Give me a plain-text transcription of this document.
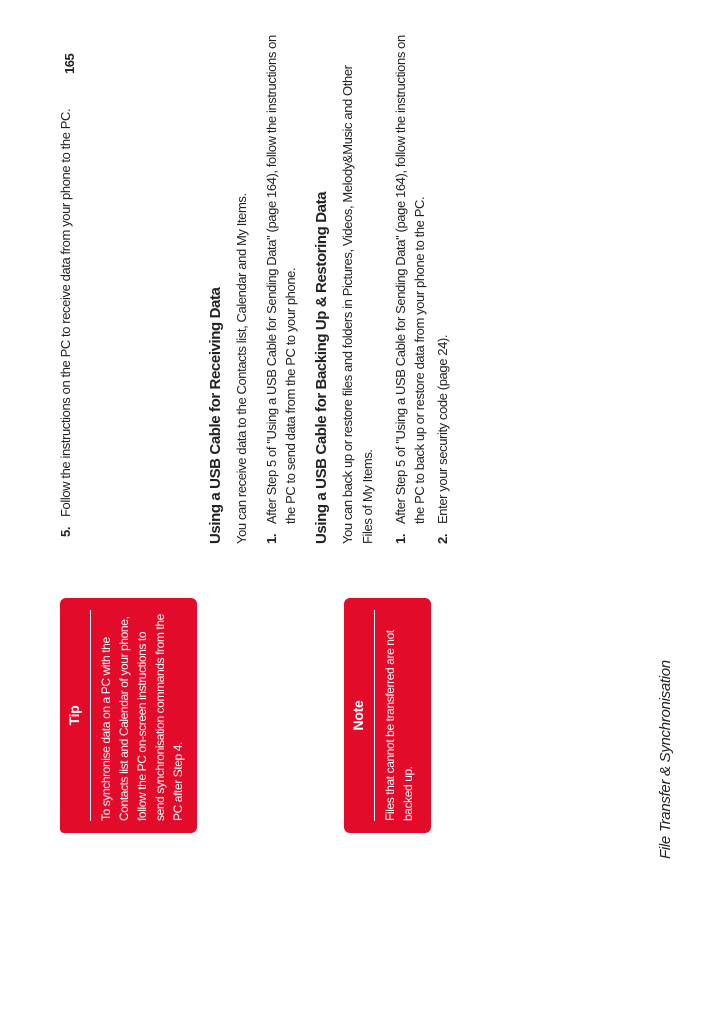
165
File Transfer & Synchronisation
5.Follow the instructions on the PC to receive data from your phone to the PC.	Using a USB Cable for Receiving Data You can receive data to the Contacts list, Calendar and My Items. 1.
After Step 5 of "Using a USB Cable for Sending Data" (page 164), follow the instructions on the PC to send data from the PC to your phone. Using a USB Cable for Backing Up & Restoring Data You can back up or restore files and folders in Pictures, Videos, Melody&Music and Other Files of My Items. 1.
After Step 5 of "Using a USB Cable for Sending Data" (page 164), follow the instructions on the PC to back up or restore data from your phone to the PC.
2.
Enter your security code (page 24).
Tip To synchronise data on a PC with the Contacts list and Calendar of your phone, follow the PC on-screen instructions to send synchronisation commands from the PC after Step 4.
Note Files that cannot be transferred are not backed up.
